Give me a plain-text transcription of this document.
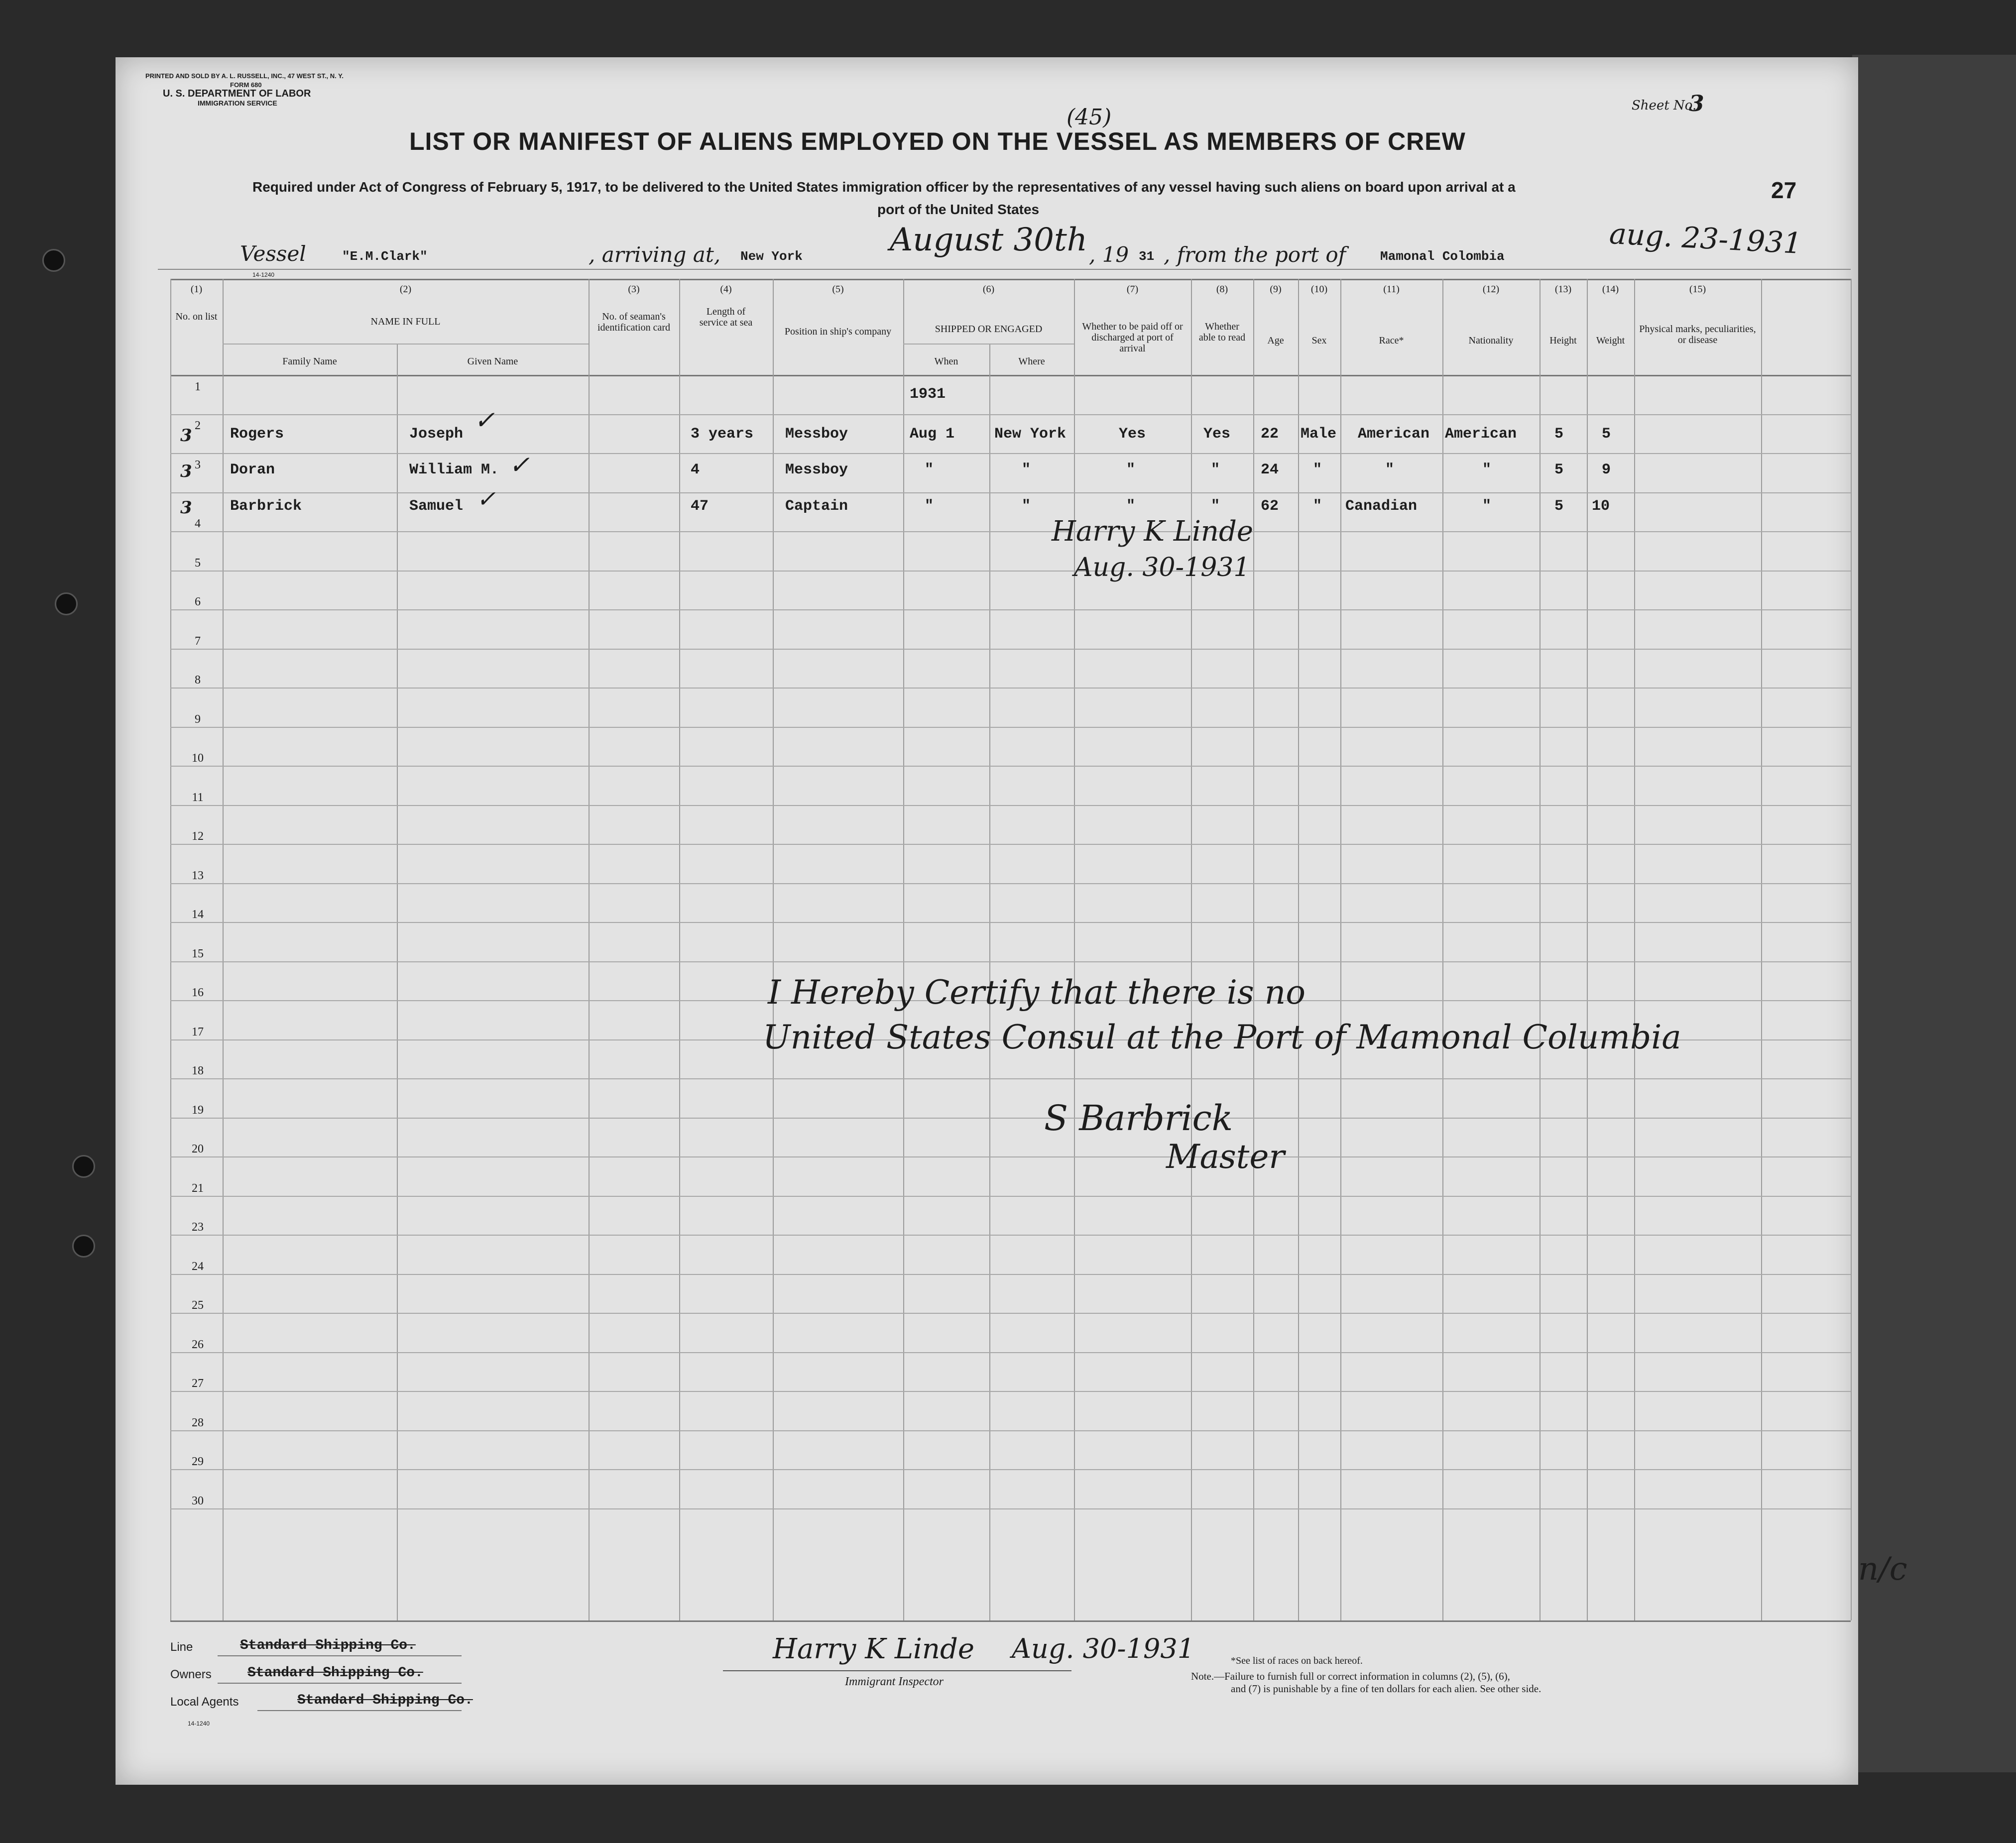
PRINTED AND SOLD BY A. L. RUSSELL, INC., 47 WEST ST., N. Y.
FORM 680
U. S. DEPARTMENT OF LABOR
IMMIGRATION SERVICE	Sheet No.
3
LIST OR MANIFEST OF ALIENS EMPLOYED ON THE VESSEL AS MEMBERS OF CREW
(45)
Required under Act of Congress of February 5, 1917, to be delivered to the United States immigration officer by the representatives of any vessel having such aliens on board upon arrival at a
port of the United States
27
Vessel	"E.M.Clark"	, arriving at, New York	August 30th , 19 31 , from the port of	Mamonal Colombia	aug. 23-1931
14-1240
(1)
No. on list
(2)
NAME IN FULL
Family Name	Given Name
(3)
No. of seaman's identification card
(4)
Length of service at sea
(5)
Position in ship's company
(6)
SHIPPED OR ENGAGED
When	Where
(7)
Whether to be paid off or discharged at port of arrival
(8)
Whether able to read
(9)
Age
(10)
Sex
(11)
Race*
(12)
Nationality
(13)
Height
(14)
Weight
(15)
Physical marks, peculiarities, or disease
1
2
3
4
5
6
7
8
9
10
11
12
13
14
15
16
17
18
19
20
21
23
24
25
26
27
28
29
30
1931
3	Rogers	Joseph	3 years Messboy	Aug 1	New York	Yes	Yes 22 Male American American	5	5
3	Doran	William M.	4	Messboy	"	"	"	"	24 "	"	"	5	9
3	Barbrick	Samuel	47	Captain	"	"	"	"	62 " Canadian	"	5 10
✓
✓
✓
Harry K Linde
Aug. 30-1931
I Hereby Certify that there is no
United States Consul at the Port of Mamonal Columbia
S Barbrick
Master
n/c
Line	Standard Shipping Co.
Owners	Standard Shipping Co.
Local Agents	Standard Shipping Co.
14-1240
Harry K Linde Aug. 30-1931
Immigrant Inspector
*See list of races on back hereof.
Note.—Failure to furnish full or correct information in columns (2), (5), (6),
and (7) is punishable by a fine of ten dollars for each alien. See other side.
